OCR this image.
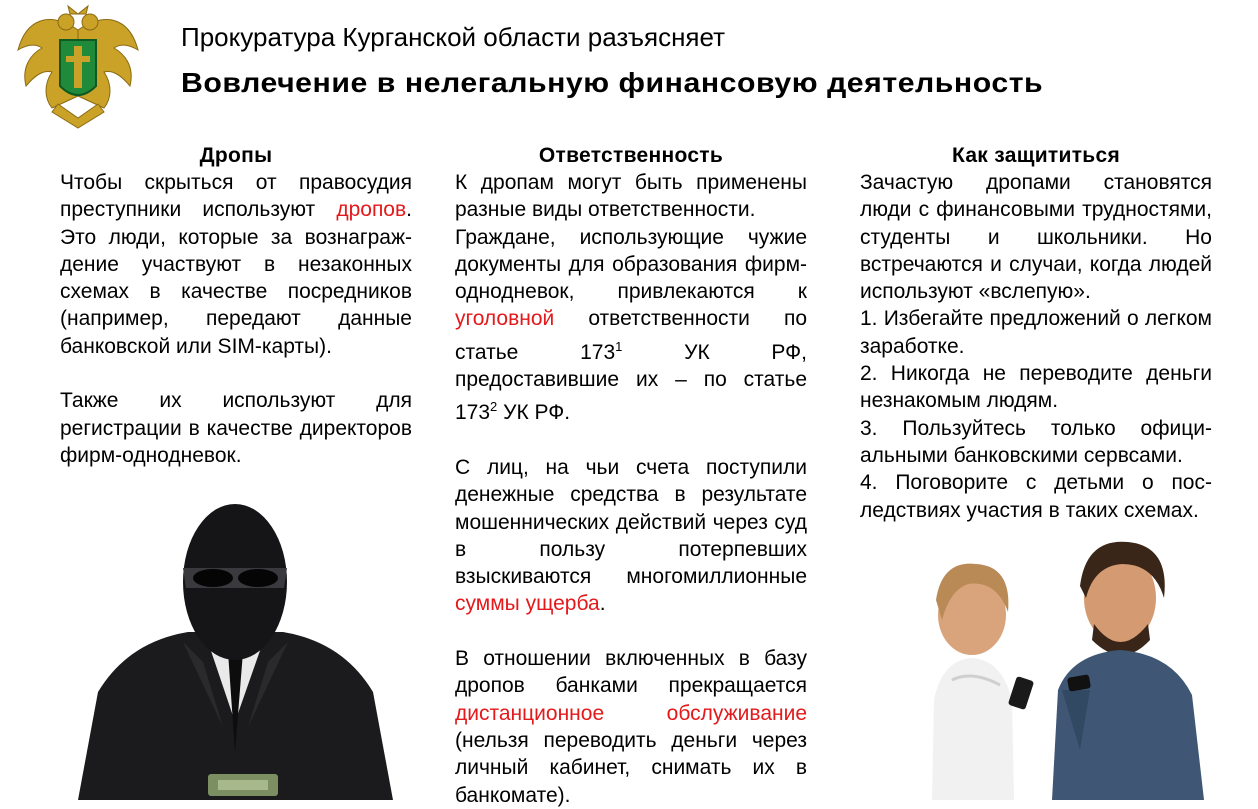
Прокуратура Курганской области разъясняет
Вовлечение в нелегальную финансовую деятельность
Дропы

Чтобы скрыться от правосудия преступники используют дропов. Это люди, которые за вознаграждение участвуют в незаконных схемах в качестве посредников (например, передают данные банковской или SIM-карты).

Также их используют для регистрации в качестве директоров фирм-однодневок.

Ответственность

К дропам могут быть применены разные виды ответственности.

Граждане, использующие чужие документы для образования фирм-однодневок, привлекаются к уголовной ответственности по статье $173^1$ УК РФ, предоставившие их – по статье $173^2$ УК РФ.

С лиц, на чьи счета поступили денежные средства в результате мошеннических действий через суд в пользу потерпевших взыскиваются многомиллионные суммы ущерба.

В отношении включенных в базу дропов банками прекращается дистанционное обслуживание (нельзя переводить деньги через личный кабинет, снимать их в банкомате).

Как защититься

Зачастую дропами становятся люди с финансовыми трудностями, студенты и школьники. Но встречаются и случаи, когда людей используют «вслепую».

1. Избегайте предложений о легком заработке.

2. Никогда не переводите деньги незнакомым людям.

3. Пользуйтесь только официальными банковскими сервсами.

4. Поговорите с детьми о последствиях участия в таких схемах.
